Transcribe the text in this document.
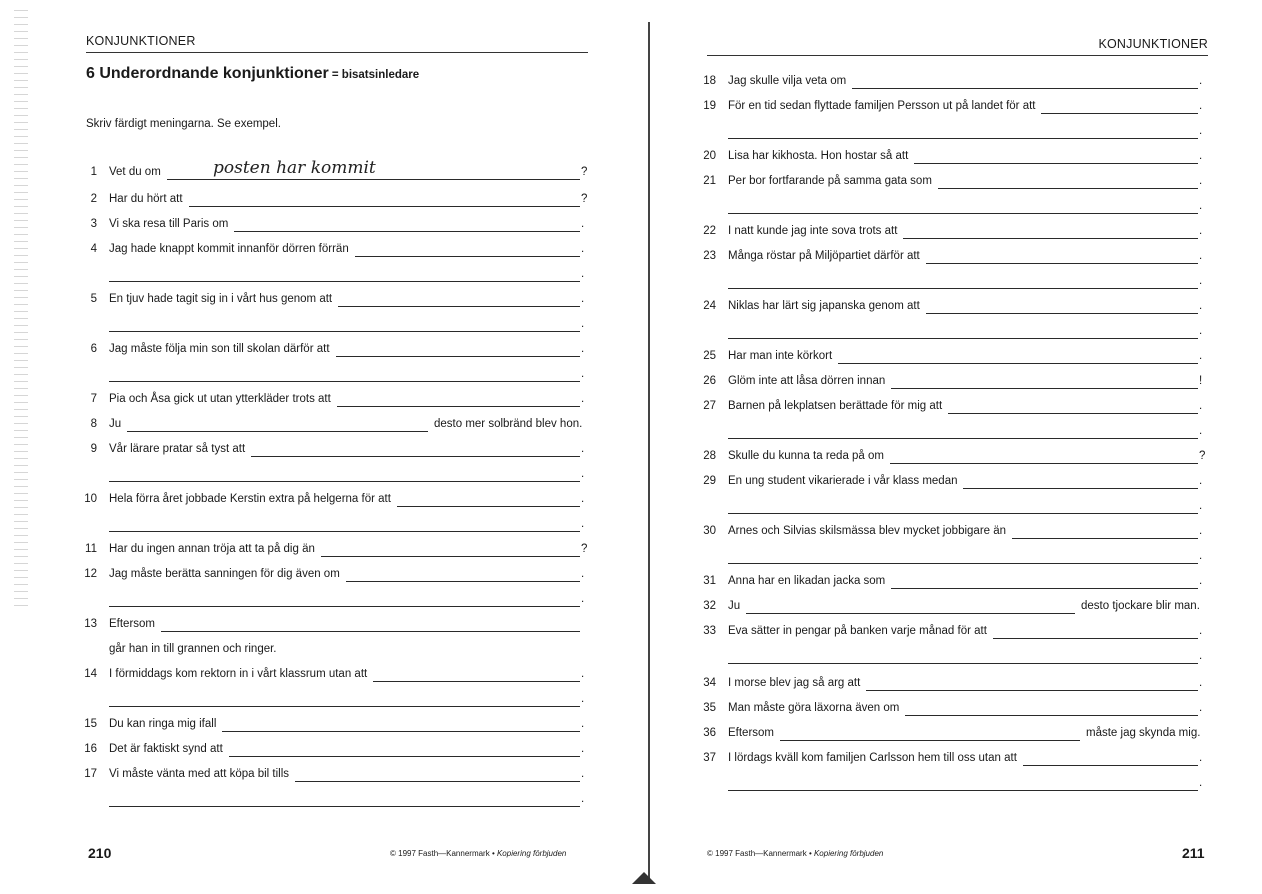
KONJUNKTIONER
6 Underordnande konjunktioner = bisatsinledare
Skriv färdigt meningarna. Se exempel.
1 Vet du om	?
posten har kommit
2 Har du hört att	?
3 Vi ska resa till Paris om	.
4 Jag hade knappt kommit innanför dörren förrän	.
.
5 En tjuv hade tagit sig in i vårt hus genom att	.
.
6 Jag måste följa min son till skolan därför att	.
.
7 Pia och Åsa gick ut utan ytterkläder trots att	.
8 Ju	desto mer solbränd blev hon.
9 Vår lärare pratar så tyst att	.
.
10 Hela förra året jobbade Kerstin extra på helgerna för att	.
.
11 Har du ingen annan tröja att ta på dig än	?
12 Jag måste berätta sanningen för dig även om	.
.
13 Eftersom
går han in till grannen och ringer.
14 I förmiddags kom rektorn in i vårt klassrum utan att	.
.
15 Du kan ringa mig ifall	.
16 Det är faktiskt synd att	.
17 Vi måste vänta med att köpa bil tills	.
.
210	© 1997 Fasth—Kannermark • Kopiering förbjuden
KONJUNKTIONER
18 Jag skulle vilja veta om	.
19 För en tid sedan flyttade familjen Persson ut på landet för att	.
.
20 Lisa har kikhosta. Hon hostar så att	.
21 Per bor fortfarande på samma gata som	.
.
22 I natt kunde jag inte sova trots att	.
23 Många röstar på Miljöpartiet därför att	.
.
24 Niklas har lärt sig japanska genom att	.
.
25 Har man inte körkort	.
26 Glöm inte att låsa dörren innan	!
27 Barnen på lekplatsen berättade för mig att	.
.
28 Skulle du kunna ta reda på om	?
29 En ung student vikarierade i vår klass medan	.
.
30 Arnes och Silvias skilsmässa blev mycket jobbigare än	.
.
31 Anna har en likadan jacka som	.
32 Ju	desto tjockare blir man.
33 Eva sätter in pengar på banken varje månad för att	.
.
34 I morse blev jag så arg att	.
35 Man måste göra läxorna även om	.
36 Eftersom	måste jag skynda mig.
37 I lördags kväll kom familjen Carlsson hem till oss utan att	.
.
211
© 1997 Fasth—Kannermark • Kopiering förbjuden
